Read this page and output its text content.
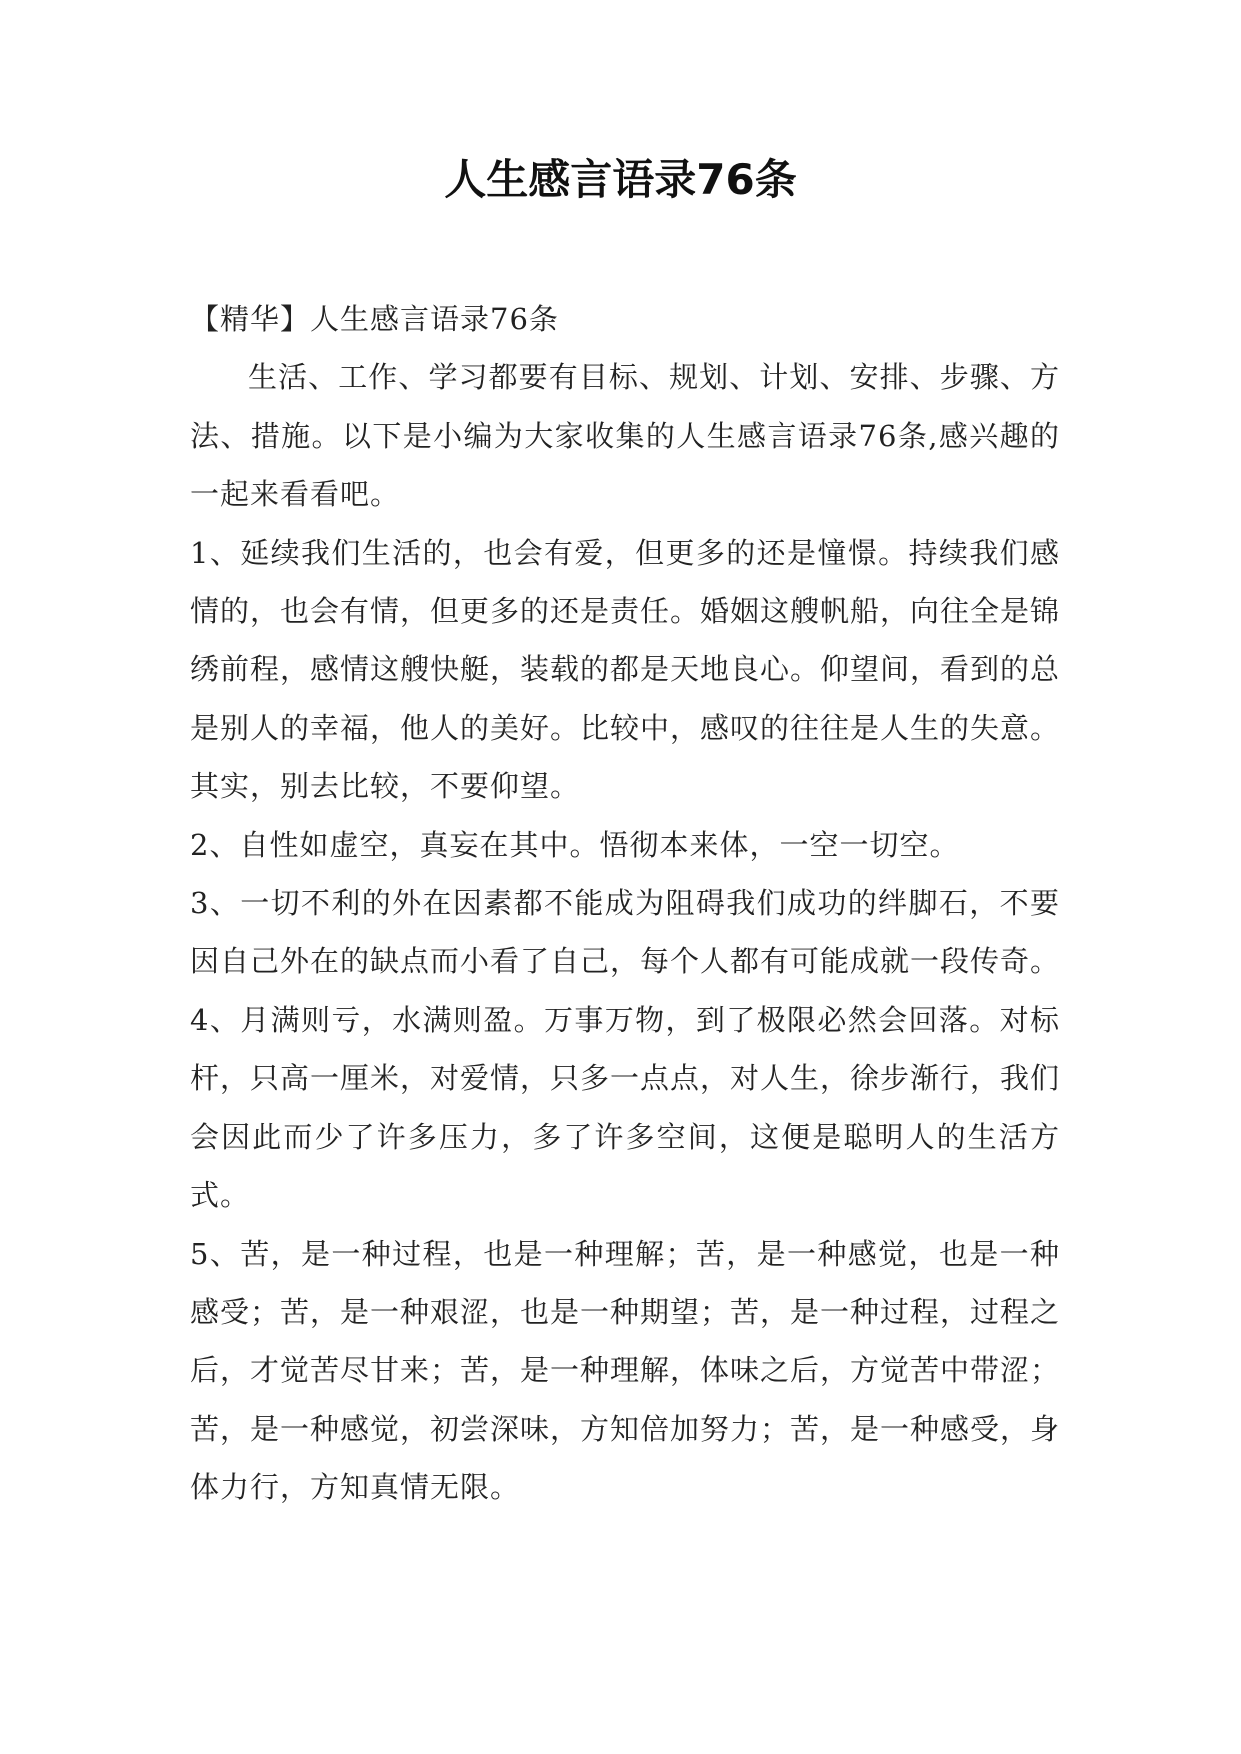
人生感言语录76条

【精华】人生感言语录76条

生活、工作、学习都要有目标、规划、计划、安排、步骤、方法、措施。以下是小编为大家收集的人生感言语录76条,感兴趣的一起来看看吧。

1、延续我们生活的，也会有爱，但更多的还是憧憬。持续我们感情的，也会有情，但更多的还是责任。婚姻这艘帆船，向往全是锦绣前程，感情这艘快艇，装载的都是天地良心。仰望间，看到的总是别人的幸福，他人的美好。比较中，感叹的往往是人生的失意。其实，别去比较，不要仰望。

2、自性如虚空，真妄在其中。悟彻本来体，一空一切空。

3、一切不利的外在因素都不能成为阻碍我们成功的绊脚石，不要因自己外在的缺点而小看了自己，每个人都有可能成就一段传奇。

4、月满则亏，水满则盈。万事万物，到了极限必然会回落。对标杆，只高一厘米，对爱情，只多一点点，对人生，徐步渐行，我们会因此而少了许多压力，多了许多空间，这便是聪明人的生活方式。

5、苦，是一种过程，也是一种理解；苦，是一种感觉，也是一种感受；苦，是一种艰涩，也是一种期望；苦，是一种过程，过程之后，才觉苦尽甘来；苦，是一种理解，体味之后，方觉苦中带涩；苦，是一种感觉，初尝深味，方知倍加努力；苦，是一种感受，身体力行，方知真情无限。
